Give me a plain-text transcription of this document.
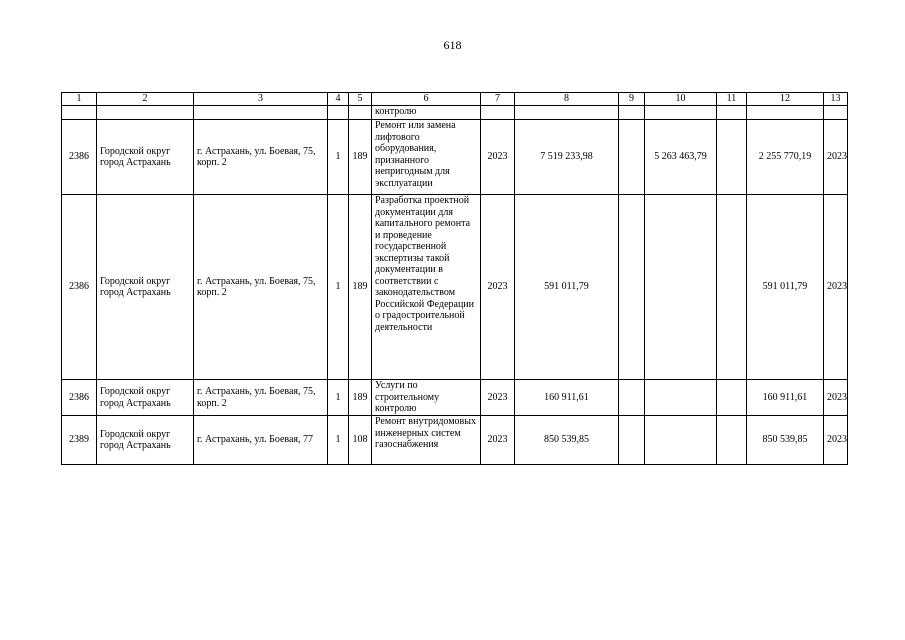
618
1	2	3	4	5	6	7	8	9	10	11	12	13
					контролю							
2386	Городской округ город Астрахань	г. Астрахань, ул. Боевая, 75, корп. 2	1	189	Ремонт или замена лифтового оборудования, признанного непригодным для эксплуатации	2023	7 519 233,98		5 263 463,79		2 255 770,19	2023
2386	Городской округ город Астрахань	г. Астрахань, ул. Боевая, 75, корп. 2	1	189	Разработка проектной документации для капитального ремонта и проведение государственной экспертизы такой документации в соответствии с законодательством Российской Федерации о градостроительной деятельности	2023	591 011,79				591 011,79	2023
2386	Городской округ город Астрахань	г. Астрахань, ул. Боевая, 75, корп. 2	1	189	Услуги по строительному контролю	2023	160 911,61				160 911,61	2023
2389	Городской округ город Астрахань	г. Астрахань, ул. Боевая, 77	1	108	Ремонт внутридомовых инженерных систем газоснабжения	2023	850 539,85				850 539,85	2023
